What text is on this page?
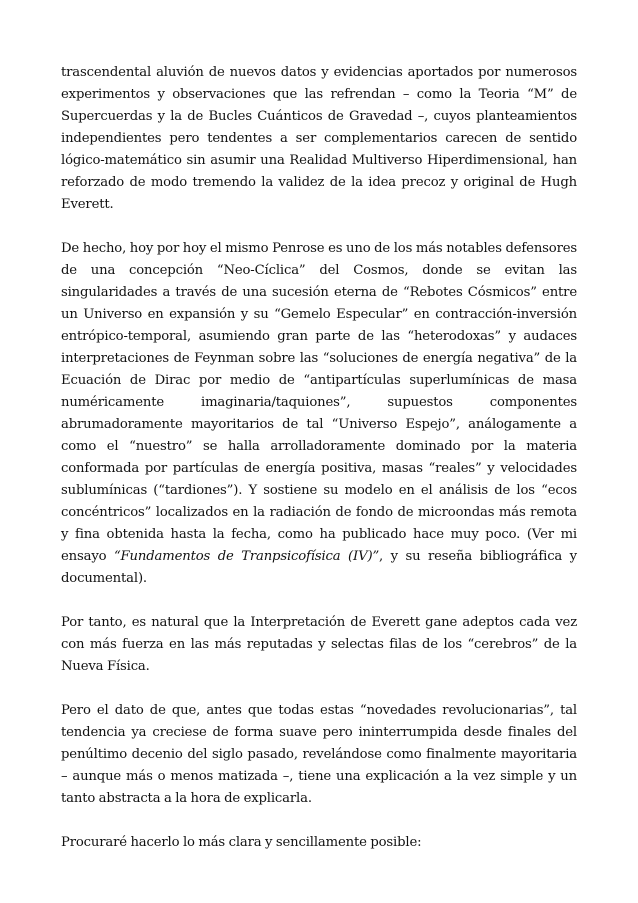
trascendental aluvión de nuevos datos y evidencias aportados por numerosos experimentos y observaciones que las refrendan – como la Teoria “M” de Supercuerdas y la de Bucles Cuánticos de Gravedad –, cuyos planteamientos independientes pero tendentes a ser complementarios carecen de sentido lógico-matemático sin asumir una Realidad Multiverso Hiperdimensional, han reforzado de modo tremendo la validez de la idea precoz y original de Hugh Everett.

De hecho, hoy por hoy el mismo Penrose es uno de los más notables defensores de una concepción “Neo-Cíclica” del Cosmos, donde se evitan las singularidades a través de una sucesión eterna de “Rebotes Cósmicos” entre un Universo en expansión y su “Gemelo Especular” en contracción-inversión entrópico-temporal, asumiendo gran parte de las “heterodoxas” y audaces interpretaciones de Feynman sobre las “soluciones de energía negativa” de la Ecuación de Dirac por medio de “antipartículas superlumínicas de masa numéricamente imaginaria/taquiones”, supuestos componentes abrumadoramente mayoritarios de tal “Universo Espejo”, análogamente a como el “nuestro” se halla arrolladoramente dominado por la materia conformada por partículas de energía positiva, masas “reales” y velocidades sublumínicas (“tardiones”). Y sostiene su modelo en el análisis de los “ecos concéntricos” localizados en la radiación de fondo de microondas más remota y fina obtenida hasta la fecha, como ha publicado hace muy poco. (Ver mi ensayo “Fundamentos de Tranpsicofísica (IV)”, y su reseña bibliográfica y documental).

Por tanto, es natural que la Interpretación de Everett gane adeptos cada vez con más fuerza en las más reputadas y selectas filas de los “cerebros” de la Nueva Física.

Pero el dato de que, antes que todas estas “novedades revolucionarias”, tal tendencia ya creciese de forma suave pero ininterrumpida desde finales del penúltimo decenio del siglo pasado, revelándose como finalmente mayoritaria – aunque más o menos matizada –, tiene una explicación a la vez simple y un tanto abstracta a la hora de explicarla.

Procuraré hacerlo lo más clara y sencillamente posible:
